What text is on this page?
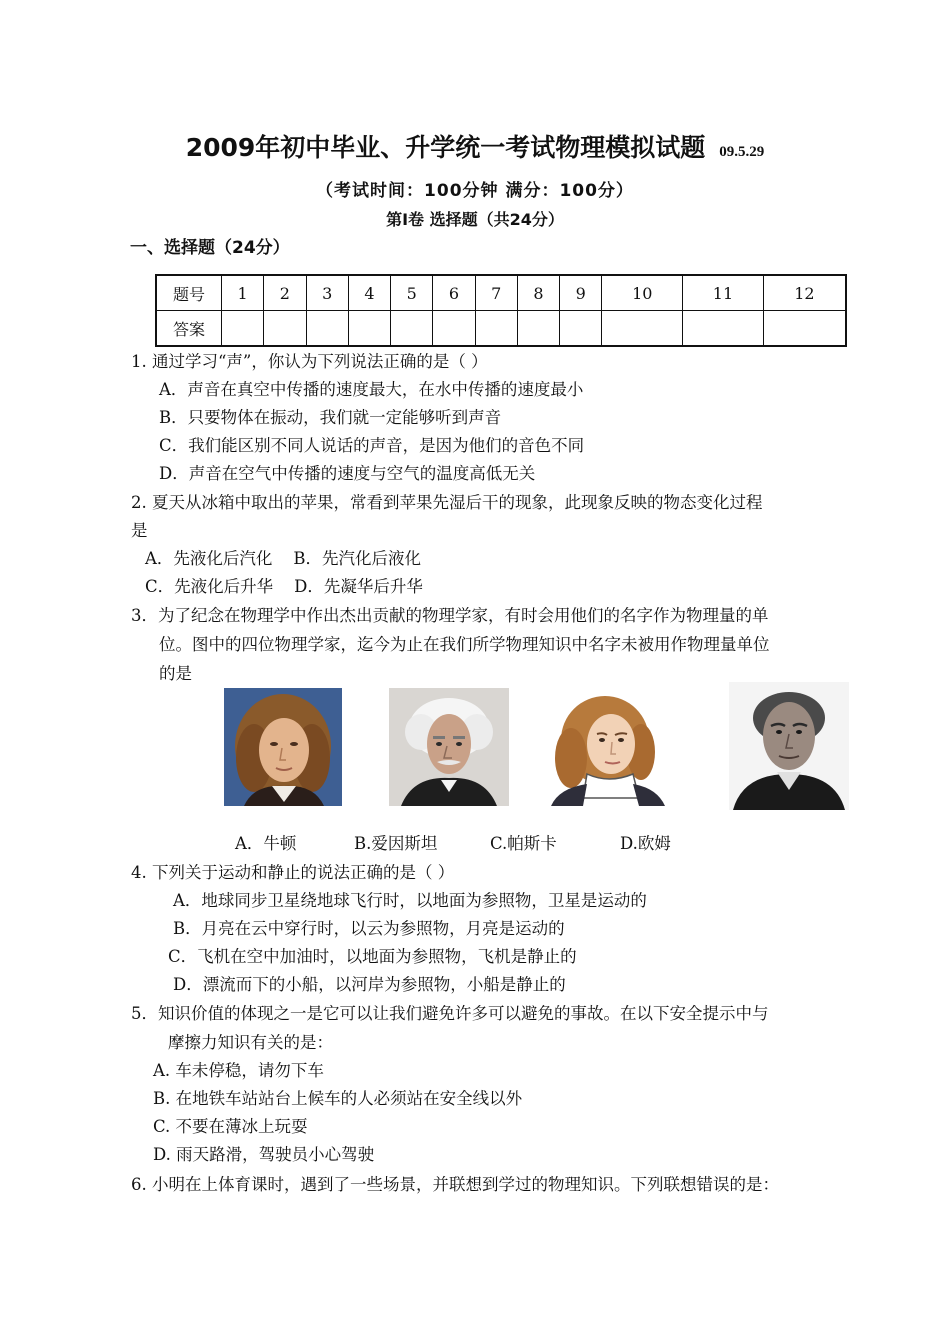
2009年初中毕业、升学统一考试物理模拟试题 09.5.29
（考试时间：100分钟 满分：100分）
第Ⅰ卷 选择题（共24分）
一、选择题（24分）
题号	1	2	3	4	5	6	7	8	9	10	11	12
答案												
1. 通过学习“声”，你认为下列说法正确的是（ ）
A．声音在真空中传播的速度最大，在水中传播的速度最小
B．只要物体在振动，我们就一定能够听到声音
C．我们能区别不同人说话的声音，是因为他们的音色不同
D．声音在空气中传播的速度与空气的温度高低无关
2. 夏天从冰箱中取出的苹果，常看到苹果先湿后干的现象，此现象反映的物态变化过程
是
A．先液化后汽化    B．先汽化后液化
C．先液化后升华    D．先凝华后升华
3．为了纪念在物理学中作出杰出贡献的物理学家，有时会用他们的名字作为物理量的单
位。图中的四位物理学家，迄今为止在我们所学物理知识中名字未被用作物理量单位
的是
A．牛顿	B.爱因斯坦	C.帕斯卡	D.欧姆
4. 下列关于运动和静止的说法正确的是（ ）
A．地球同步卫星绕地球飞行时，以地面为参照物，卫星是运动的
B．月亮在云中穿行时，以云为参照物，月亮是运动的
C．飞机在空中加油时，以地面为参照物，飞机是静止的
D．漂流而下的小船，以河岸为参照物，小船是静止的
5．知识价值的体现之一是它可以让我们避免许多可以避免的事故。在以下安全提示中与
摩擦力知识有关的是：
A. 车未停稳，请勿下车
B. 在地铁车站站台上候车的人必须站在安全线以外
C. 不要在薄冰上玩耍
D. 雨天路滑，驾驶员小心驾驶
6. 小明在上体育课时，遇到了一些场景，并联想到学过的物理知识。下列联想错误的是：
